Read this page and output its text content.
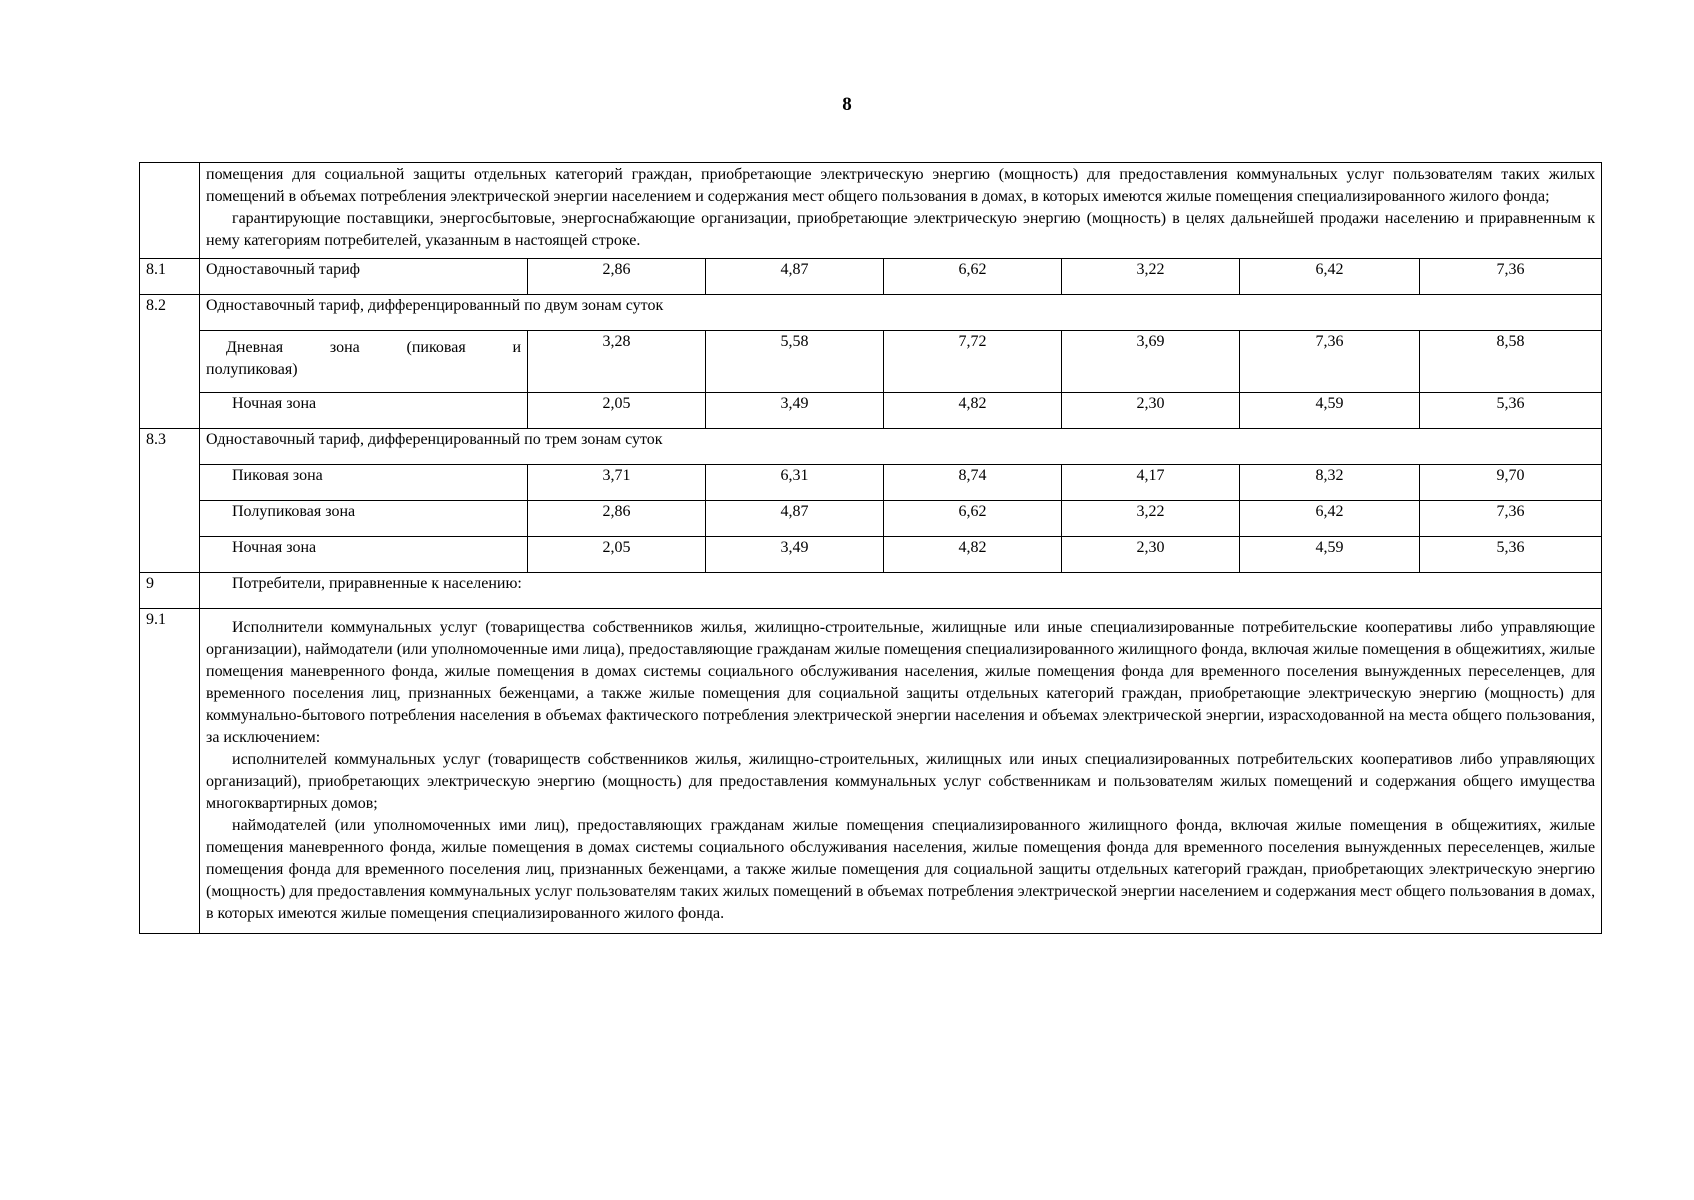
8

	помещения для социальной защиты отдельных категорий граждан, приобретающие электрическую энергию (мощность) для предоставления коммунальных услуг пользователям таких жилых помещений в объемах потребления электрической энергии населением и содержания мест общего пользования в домах, в которых имеются жилые помещения специализированного жилого фонда;

гарантирующие поставщики, энергосбытовые, энергоснабжающие организации, приобретающие электрическую энергию (мощность) в целях дальнейшей продажи населению и приравненным к нему категориям потребителей, указанным в настоящей строке.						

8.1	Одноставочный тариф	2,86	4,87	6,62	3,22	6,42	7,36
8.2	Одноставочный тариф, дифференцированный по двум зонам суток						
	Дневная зона (пиковая и
полупиковая)	3,28	5,58	7,72	3,69	7,36	8,58
	Ночная зона	2,05	3,49	4,82	2,30	4,59	5,36
8.3	Одноставочный тариф, дифференцированный по трем зонам суток						
	Пиковая зона	3,71	6,31	8,74	4,17	8,32	9,70
	Полупиковая зона	2,86	4,87	6,62	3,22	6,42	7,36
	Ночная зона	2,05	3,49	4,82	2,30	4,59	5,36
9	Потребители, приравненные к населению:						
9.1	Исполнители коммунальных услуг (товарищества собственников жилья, жилищно-строительные, жилищные или иные специализированные потребительские кооперативы либо управляющие организации), наймодатели (или уполномоченные ими лица), предоставляющие гражданам жилые помещения специализированного жилищного фонда, включая жилые помещения в общежитиях, жилые помещения маневренного фонда, жилые помещения в домах системы социального обслуживания населения, жилые помещения фонда для временного поселения вынужденных переселенцев, для временного поселения лиц, признанных беженцами, а также жилые помещения для социальной защиты отдельных категорий граждан, приобретающие электрическую энергию (мощность) для коммунально-бытового потребления населения в объемах фактического потребления электрической энергии населения и объемах электрической энергии, израсходованной на места общего пользования, за исключением:

исполнителей коммунальных услуг (товариществ собственников жилья, жилищно-строительных, жилищных или иных специализированных потребительских кооперативов либо управляющих организаций), приобретающих электрическую энергию (мощность) для предоставления коммунальных услуг собственникам и пользователям жилых помещений и содержания общего имущества многоквартирных домов;

наймодателей (или уполномоченных ими лиц), предоставляющих гражданам жилые помещения специализированного жилищного фонда, включая жилые помещения в общежитиях, жилые помещения маневренного фонда, жилые помещения в домах системы социального обслуживания населения, жилые помещения фонда для временного поселения вынужденных переселенцев, жилые помещения фонда для временного поселения лиц, признанных беженцами, а также жилые помещения для социальной защиты отдельных категорий граждан, приобретающих электрическую энергию (мощность) для предоставления коммунальных услуг пользователям таких жилых помещений в объемах потребления электрической энергии населением и содержания мест общего пользования в домах, в которых имеются жилые помещения специализированного жилого фонда.						
